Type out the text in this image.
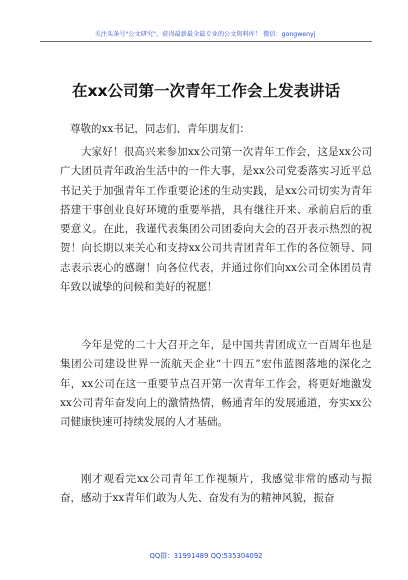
关注头条号"公文研究"，获得最新最全最专业的公文资料库！ 微信：gongwenyj
在xx公司第一次青年工作会上发表讲话
尊敬的xx书记，同志们、青年朋友们：

大家好！很高兴来参加xx公司第一次青年工作会，这是xx公司广大团员青年政治生活中的一件大事，是xx公司党委落实习近平总书记关于加强青年工作重要论述的生动实践，是xx公司切实为青年搭建干事创业良好环境的重要举措，具有继往开来、承前启后的重要意义。在此，我谨代表集团公司团委向大会的召开表示热烈的祝贺！向长期以来关心和支持xx公司共青团青年工作的各位领导、同志表示衷心的感谢！向各位代表，并通过你们向xx公司全体团员青年致以诚挚的问候和美好的祝愿！

今年是党的二十大召开之年，是中国共青团成立一百周年也是集团公司建设世界一流航天企业“十四五”宏伟蓝图落地的深化之年，xx公司在这一重要节点召开第一次青年工作会，将更好地激发xx公司青年奋发向上的激情热情，畅通青年的发展通道，夯实xx公司健康快速可持续发展的人才基础。

刚才观看完xx公司青年工作视频片，我感觉非常的感动与振奋，感动于xx青年们敢为人先、奋发有为的精神风貌，振奋

QQ群：31991489 QQ:535304092
